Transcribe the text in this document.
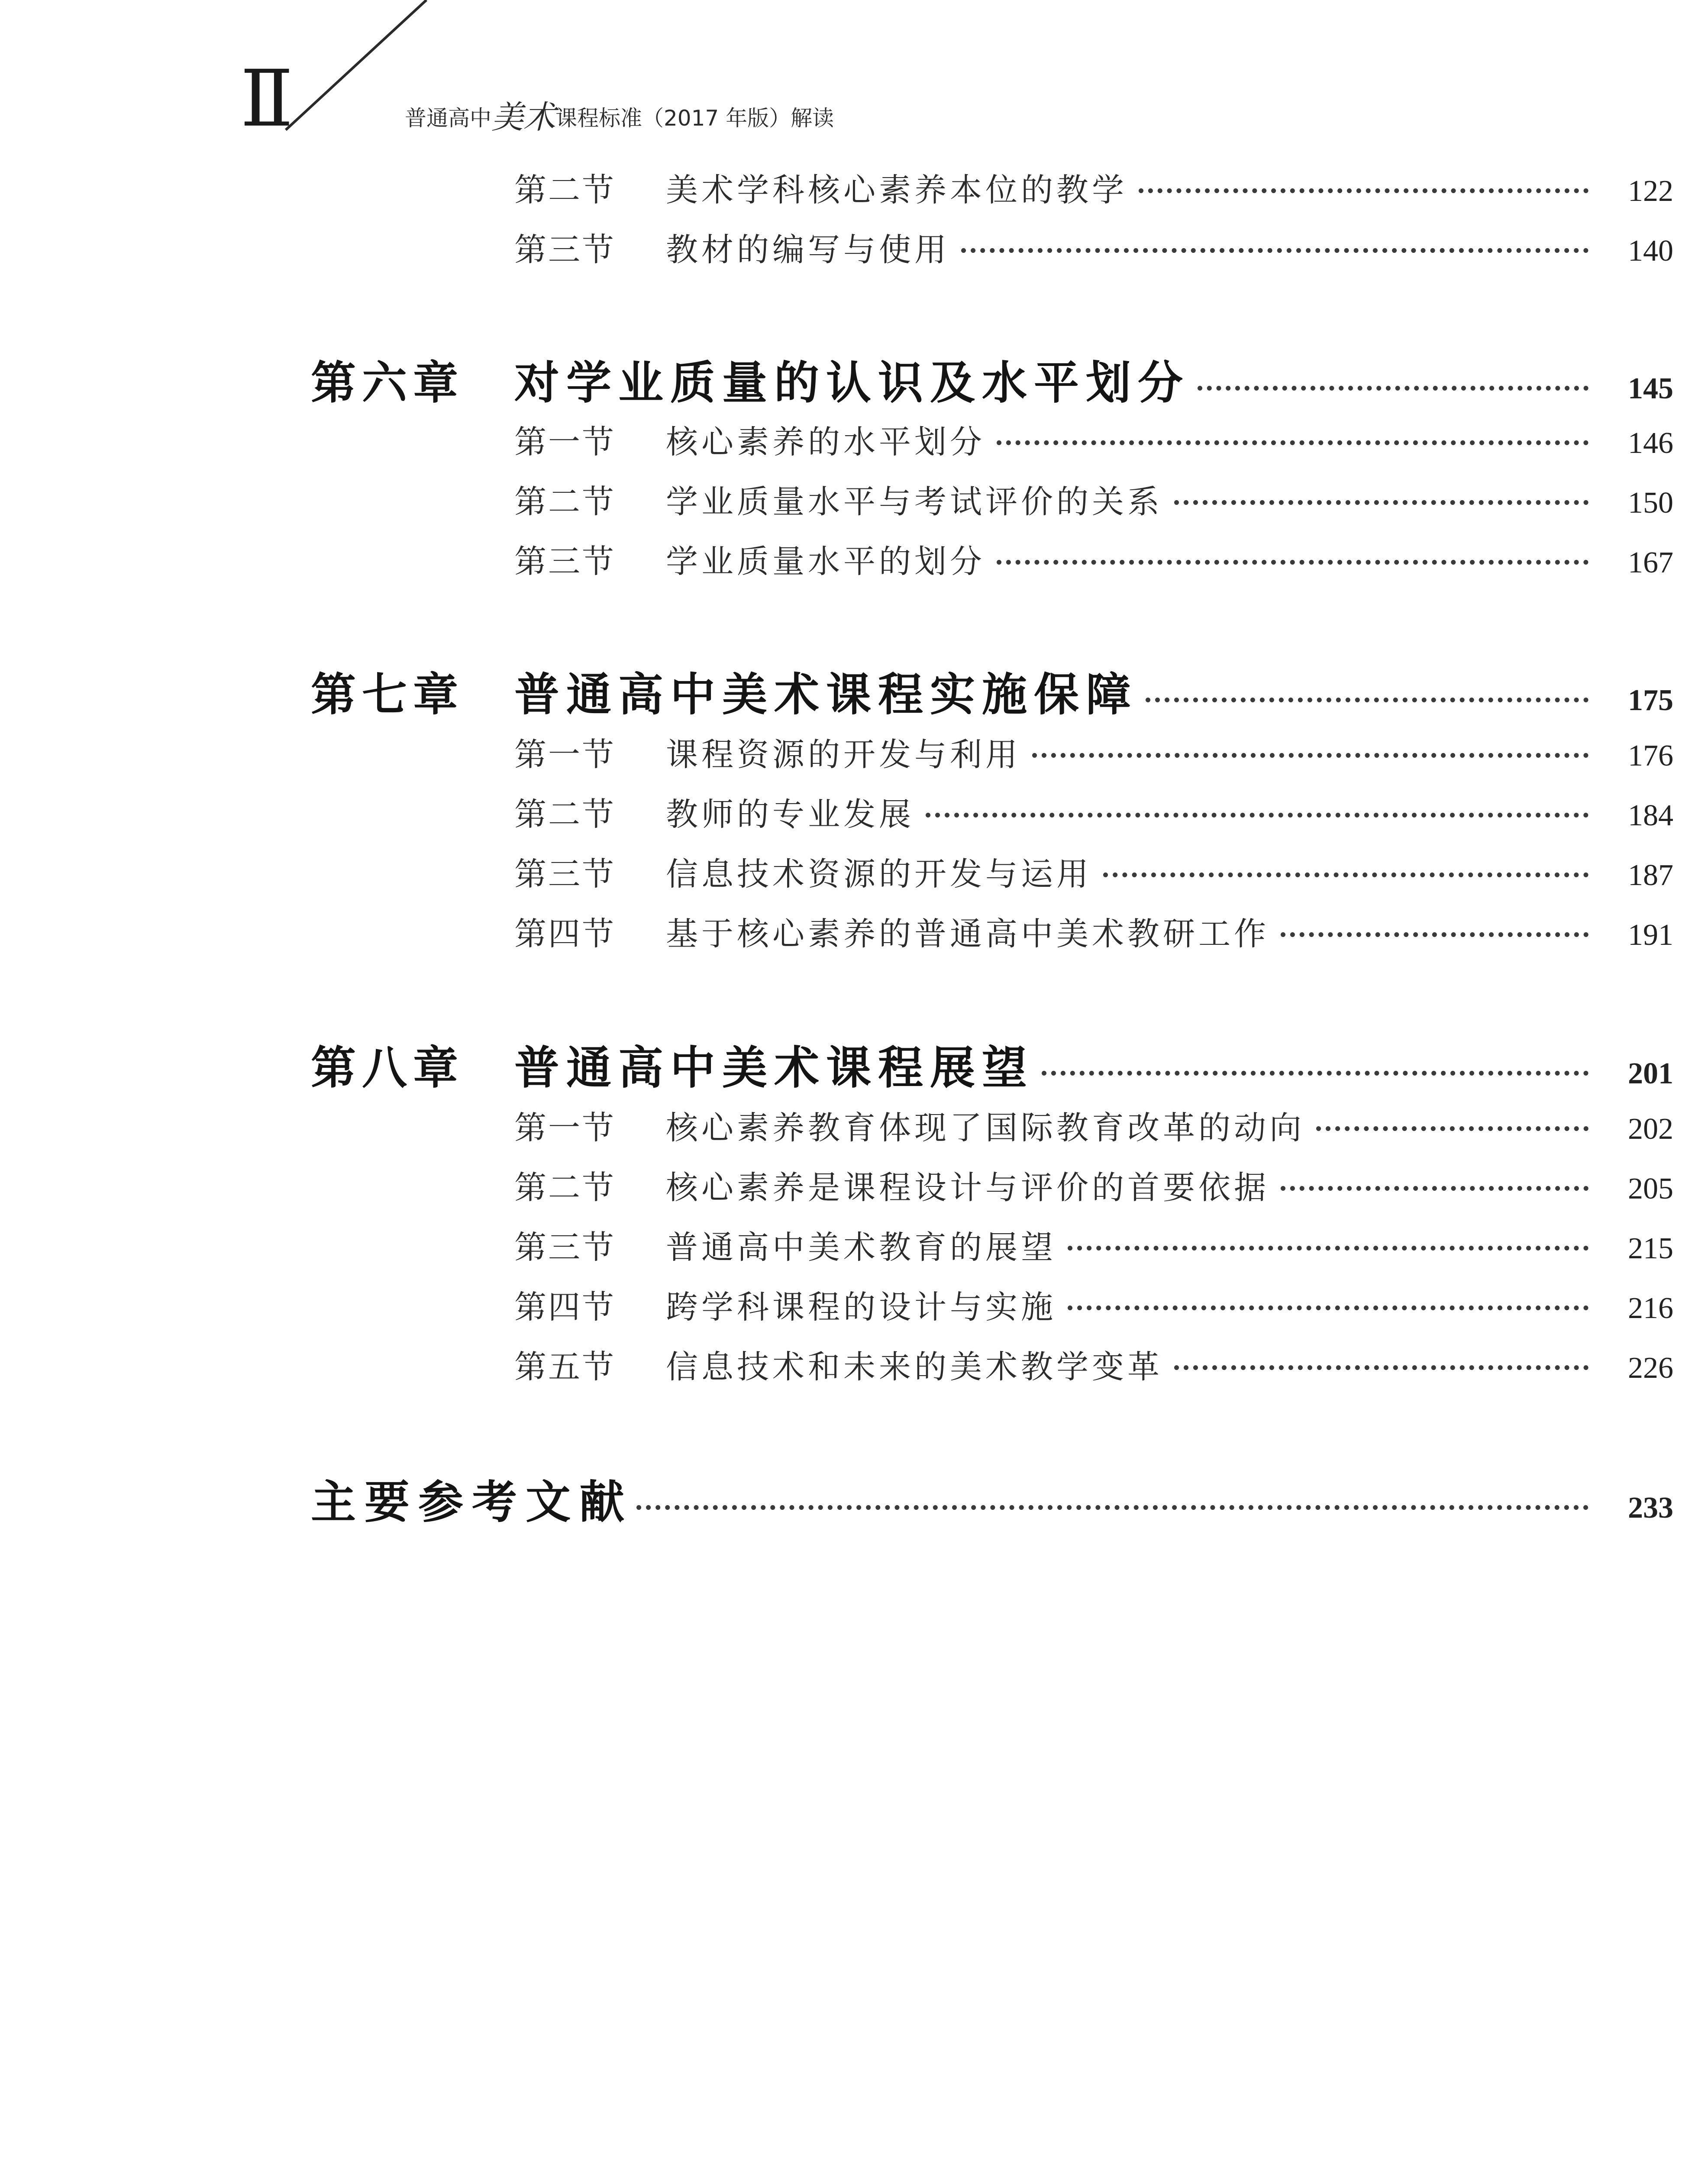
Ⅱ	普通高中美术课程标准（2017 年版）解读
第二节	美术学科核心素养本位的教学	122
第三节	教材的编写与使用	140
第六章	对学业质量的认识及水平划分	145
第一节	核心素养的水平划分	146
第二节	学业质量水平与考试评价的关系	150
第三节	学业质量水平的划分	167
第七章	普通高中美术课程实施保障	175
第一节	课程资源的开发与利用	176
第二节	教师的专业发展	184
第三节	信息技术资源的开发与运用	187
第四节	基于核心素养的普通高中美术教研工作	191
第八章	普通高中美术课程展望	201
第一节	核心素养教育体现了国际教育改革的动向	202
第二节	核心素养是课程设计与评价的首要依据	205
第三节	普通高中美术教育的展望	215
第四节	跨学科课程的设计与实施	216
第五节	信息技术和未来的美术教学变革	226
主要参考文献	233
